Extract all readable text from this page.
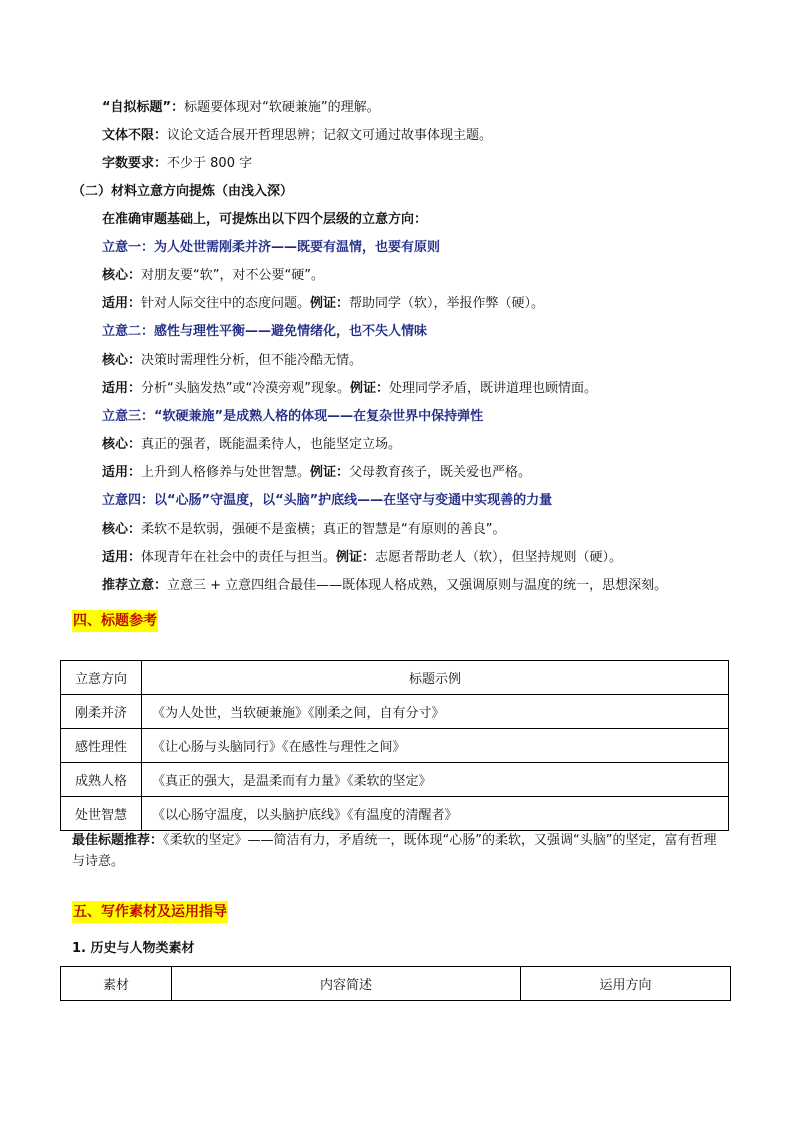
“自拟标题”：标题要体现对“软硬兼施”的理解。
文体不限：议论文适合展开哲理思辨；记叙文可通过故事体现主题。
字数要求：不少于 800 字
（二）材料立意方向提炼（由浅入深）
在准确审题基础上，可提炼出以下四个层级的立意方向：
立意一：为人处世需刚柔并济——既要有温情，也要有原则
核心：对朋友要“软”，对不公要“硬”。
适用：针对人际交往中的态度问题。例证：帮助同学（软），举报作弊（硬）。
立意二：感性与理性平衡——避免情绪化，也不失人情味
核心：决策时需理性分析，但不能冷酷无情。
适用：分析“头脑发热”或“冷漠旁观”现象。例证：处理同学矛盾，既讲道理也顾情面。
立意三：“软硬兼施”是成熟人格的体现——在复杂世界中保持弹性
核心：真正的强者，既能温柔待人，也能坚定立场。
适用：上升到人格修养与处世智慧。例证：父母教育孩子，既关爱也严格。
立意四：以“心肠”守温度，以“头脑”护底线——在坚守与变通中实现善的力量
核心：柔软不是软弱，强硬不是蛮横；真正的智慧是“有原则的善良”。
适用：体现青年在社会中的责任与担当。例证：志愿者帮助老人（软），但坚持规则（硬）。
推荐立意：立意三 + 立意四组合最佳——既体现人格成熟，又强调原则与温度的统一，思想深刻。
四、标题参考
立意方向	标题示例
刚柔并济	《为人处世，当软硬兼施》《刚柔之间，自有分寸》
感性理性	《让心肠与头脑同行》《在感性与理性之间》
成熟人格	《真正的强大，是温柔而有力量》《柔软的坚定》
处世智慧	《以心肠守温度，以头脑护底线》《有温度的清醒者》
最佳标题推荐：《柔软的坚定》——简洁有力，矛盾统一，既体现“心肠”的柔软，又强调“头脑”的坚定，富有哲理与诗意。
五、写作素材及运用指导
1. 历史与人物类素材
素材	内容简述	运用方向
